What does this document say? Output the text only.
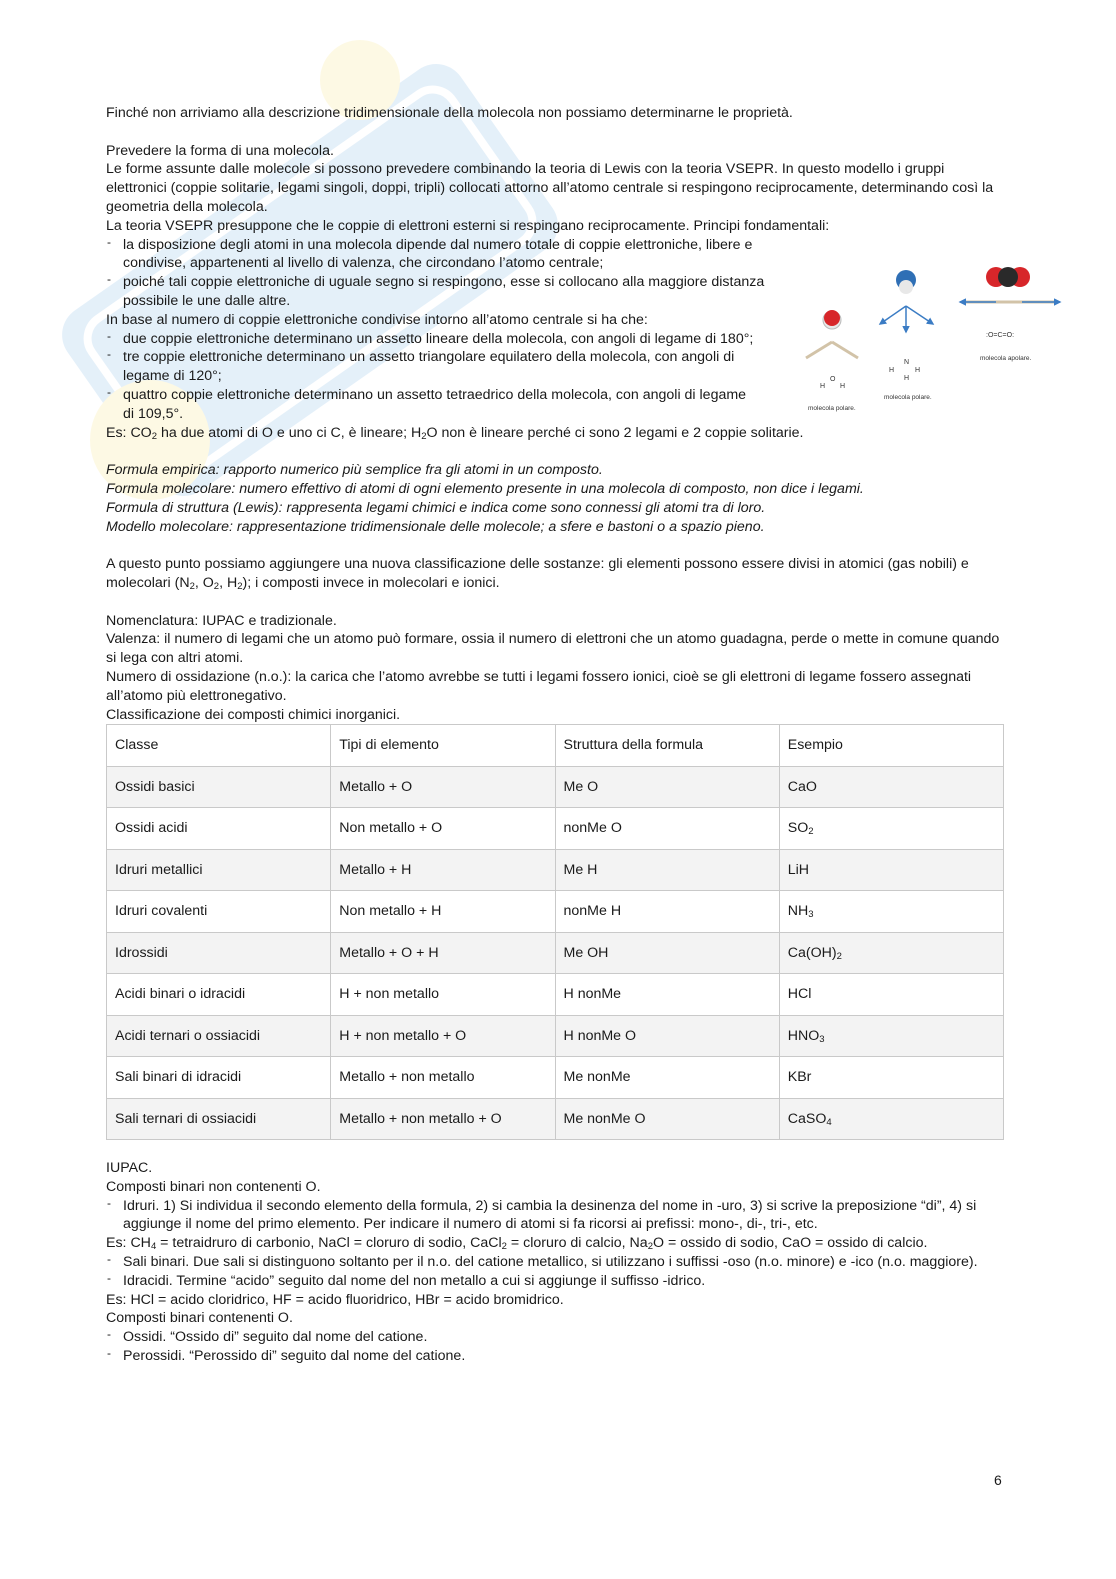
Finché non arriviamo alla descrizione tridimensionale della molecola non possiamo determinarne le proprietà.

Prevedere la forma di una molecola.

Le forme assunte dalle molecole si possono prevedere combinando la teoria di Lewis con la teoria VSEPR. In questo modello i gruppi elettronici (coppie solitarie, legami singoli, doppi, tripli) collocati attorno all’atomo centrale si respingono reciprocamente, determinando così la geometria della molecola.

La teoria VSEPR presuppone che le coppie di elettroni esterni si respingano reciprocamente. Principi fondamentali:

‐ la disposizione degli atomi in una molecola dipende dal numero totale di coppie elettroniche, libere e condivise, appartenenti al livello di valenza, che circondano l’atomo centrale;
‐ poiché tali coppie elettroniche di uguale segno si respingono, esse si collocano alla maggiore distanza possibile le une dalle altre.

In base al numero di coppie elettroniche condivise intorno all’atomo centrale si ha che:

‐ due coppie elettroniche determinano un assetto lineare della molecola, con angoli di legame di 180°;
‐ tre coppie elettroniche determinano un assetto triangolare equilatero della molecola, con angoli di legame di 120°;
‐ quattro coppie elettroniche determinano un assetto tetraedrico della molecola, con angoli di legame di 109,5°.

Es: $CO_2$ ha due atomi di O e uno ci C, è lineare; $H_2O$ non è lineare perché ci sono 2 legami e 2 coppie solitarie.

Formula empirica: rapporto numerico più semplice fra gli atomi in un composto.

Formula molecolare: numero effettivo di atomi di ogni elemento presente in una molecola di composto, non dice i legami.

Formula di struttura (Lewis): rappresenta legami chimici e indica come sono connessi gli atomi tra di loro.

Modello molecolare: rappresentazione tridimensionale delle molecole; a sfere e bastoni o a spazio pieno.

A questo punto possiamo aggiungere una nuova classificazione delle sostanze: gli elementi possono essere divisi in atomici (gas nobili) e molecolari ($N_2$, $O_2$, $H_2$); i composti invece in molecolari e ionici.

Nomenclatura: IUPAC e tradizionale.

Valenza: il numero di legami che un atomo può formare, ossia il numero di elettroni che un atomo guadagna, perde o mette in comune quando si lega con altri atomi.

Numero di ossidazione (n.o.): la carica che l’atomo avrebbe se tutti i legami fossero ionici, cioè se gli elettroni di legame fossero assegnati all’atomo più elettronegativo.

Classificazione dei composti chimici inorganici.

Classe	Tipi di elemento	Struttura della formula	Esempio
Ossidi basici	Metallo + O	Me O	CaO
Ossidi acidi	Non metallo + O	nonMe O	$SO_2$
Idruri metallici	Metallo + H	Me H	LiH
Idruri covalenti	Non metallo + H	nonMe H	$NH_3$
Idrossidi	Metallo + O + H	Me OH	$Ca(OH)_2$
Acidi binari o idracidi	H + non metallo	H nonMe	HCl
Acidi ternari o ossiacidi	H + non metallo + O	H nonMe O	$HNO_3$
Sali binari di idracidi	Metallo + non metallo	Me nonMe	KBr
Sali ternari di ossiacidi	Metallo + non metallo + O	Me nonMe O	CaSO$_4$

IUPAC.

Composti binari non contenenti O.

‐ Idruri. 1) Si individua il secondo elemento della formula, 2) si cambia la desinenza del nome in -uro, 3) si scrive la preposizione “di”, 4) si aggiunge il nome del primo elemento. Per indicare il numero di atomi si fa ricorsi ai prefissi: mono-, di-, tri-, etc.

Es: $CH_4$ = tetraidruro di carbonio, NaCl = cloruro di sodio, CaCl$_2$ = cloruro di calcio, $Na_2O$ = ossido di sodio, CaO = ossido di calcio.

‐ Sali binari. Due sali si distinguono soltanto per il n.o. del catione metallico, si utilizzano i suffissi -oso (n.o. minore) e -ico (n.o. maggiore).
‐ Idracidi. Termine “acido” seguito dal nome del non metallo a cui si aggiunge il suffisso -idrico.

Es: HCl = acido cloridrico, HF = acido fluoridrico, HBr = acido bromidrico.

Composti binari contenenti O.

‐ Ossidi. “Ossido di” seguito dal nome del catione.
‐ Perossidi. “Perossido di” seguito dal nome del catione.
H
O
H
molecola polare.
N
H	H
H
molecola polare.
:O=C=O:
molecola apolare.
6
